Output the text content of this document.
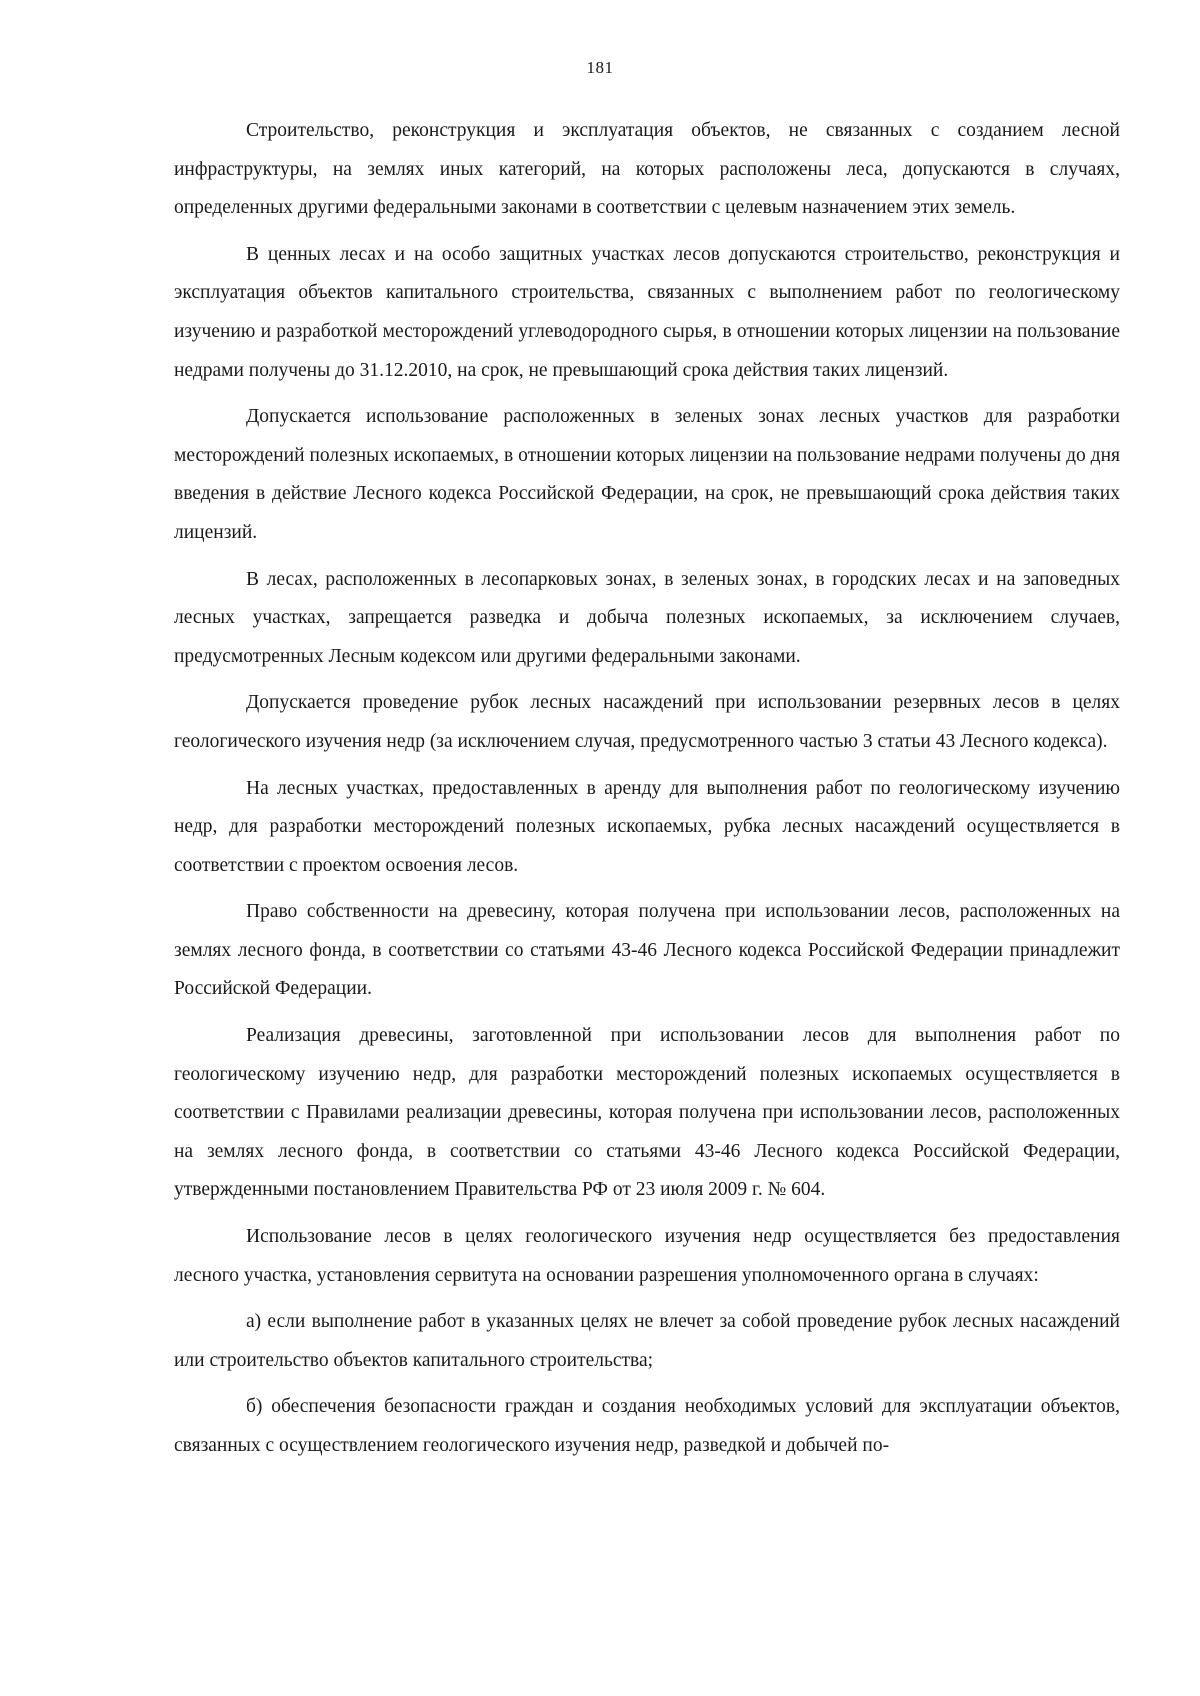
181

Строительство, реконструкция и эксплуатация объектов, не связанных с созданием лесной инфраструктуры, на землях иных категорий, на которых расположены леса, допускаются в случаях, определенных другими федеральными законами в соответствии с целевым назначением этих земель.

В ценных лесах и на особо защитных участках лесов допускаются строительство, реконструкция и эксплуатация объектов капитального строительства, связанных с выполнением работ по геологическому изучению и разработкой месторождений углеводородного сырья, в отношении которых лицензии на пользование недрами получены до 31.12.2010, на срок, не превышающий срока действия таких лицензий.

Допускается использование расположенных в зеленых зонах лесных участков для разработки месторождений полезных ископаемых, в отношении которых лицензии на пользование недрами получены до дня введения в действие Лесного кодекса Российской Федерации, на срок, не превышающий срока действия таких лицензий.

В лесах, расположенных в лесопарковых зонах, в зеленых зонах, в городских лесах и на заповедных лесных участках, запрещается разведка и добыча полезных ископаемых, за исключением случаев, предусмотренных Лесным кодексом или другими федеральными законами.

Допускается проведение рубок лесных насаждений при использовании резервных лесов в целях геологического изучения недр (за исключением случая, предусмотренного частью 3 статьи 43 Лесного кодекса).

На лесных участках, предоставленных в аренду для выполнения работ по геологическому изучению недр, для разработки месторождений полезных ископаемых, рубка лесных насаждений осуществляется в соответствии с проектом освоения лесов.

Право собственности на древесину, которая получена при использовании лесов, расположенных на землях лесного фонда, в соответствии со статьями 43-46 Лесного кодекса Российской Федерации принадлежит Российской Федерации.

Реализация древесины, заготовленной при использовании лесов для выполнения работ по геологическому изучению недр, для разработки месторождений полезных ископаемых осуществляется в соответствии с Правилами реализации древесины, которая получена при использовании лесов, расположенных на землях лесного фонда, в соответствии со статьями 43-46 Лесного кодекса Российской Федерации, утвержденными постановлением Правительства РФ от 23 июля 2009 г. № 604.

Использование лесов в целях геологического изучения недр осуществляется без предоставления лесного участка, установления сервитута на основании разрешения уполномоченного органа в случаях:

а) если выполнение работ в указанных целях не влечет за собой проведение рубок лесных насаждений или строительство объектов капитального строительства;

б) обеспечения безопасности граждан и создания необходимых условий для эксплуатации объектов, связанных с осуществлением геологического изучения недр, разведкой и добычей по-
